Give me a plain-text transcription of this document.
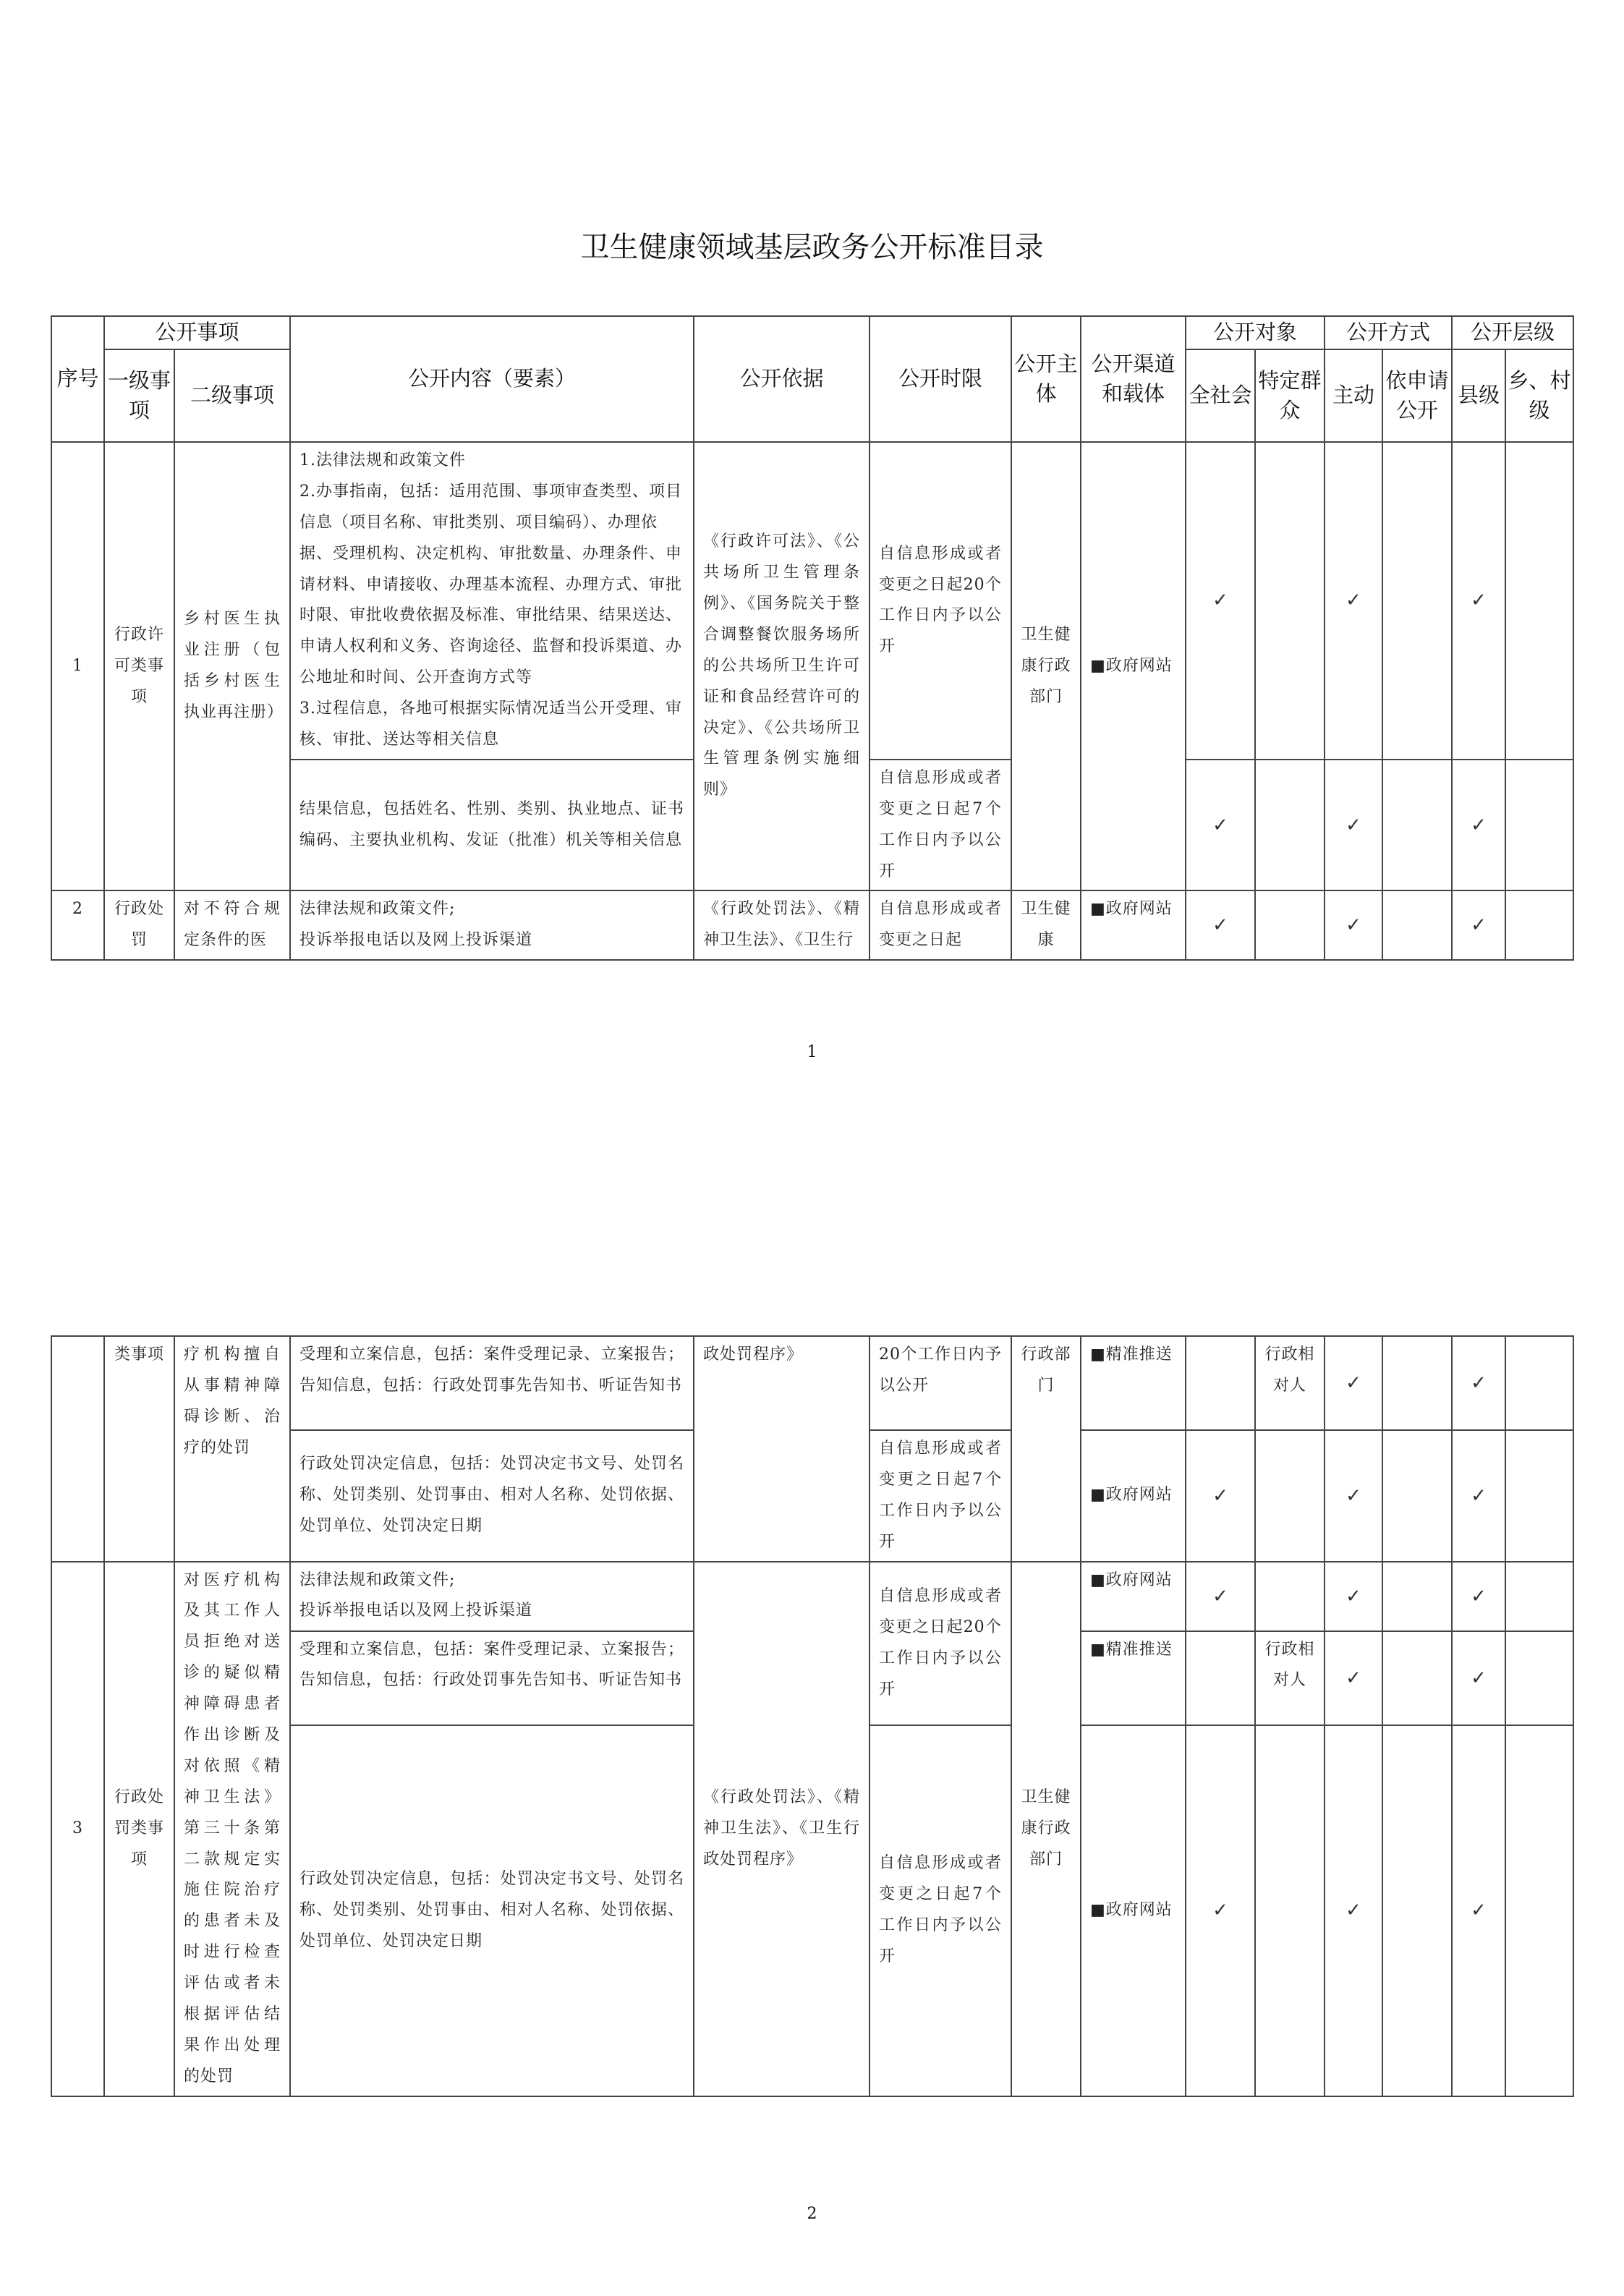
卫生健康领域基层政务公开标准目录
序号	公开事项		公开内容（要素）	公开依据	公开时限	公开主体	公开渠道和载体	公开对象		公开方式		公开层级	
	一级事项	二级事项						全社会	特定群众	主动	依申请公开	县级	乡、村级
1	行政许可类事项	乡村医生执业注册（包括乡村医生执业再注册）	1.法律法规和政策文件
2.办事指南，包括：适用范围、事项审查类型、项目信息（项目名称、审批类别、项目编码）、办理依据、受理机构、决定机构、审批数量、办理条件、申请材料、申请接收、办理基本流程、办理方式、审批时限、审批收费依据及标准、审批结果、结果送达、申请人权利和义务、咨询途径、监督和投诉渠道、办公地址和时间、公开查询方式等
3.过程信息，各地可根据实际情况适当公开受理、审核、审批、送达等相关信息	《行政许可法》、《公共场所卫生管理条例》、《国务院关于整合调整餐饮服务场所的公共场所卫生许可证和食品经营许可的决定》、《公共场所卫生管理条例实施细则》	自信息形成或者变更之日起20个工作日内予以公开	卫生健康行政部门	■政府网站	✓		✓		✓	
			结果信息，包括姓名、性别、类别、执业地点、证书编码、主要执业机构、发证（批准）机关等相关信息		自信息形成或者变更之日起7个工作日内予以公开			✓		✓		✓	
2	行政处罚	对不符合规定条件的医	法律法规和政策文件;
投诉举报电话以及网上投诉渠道	《行政处罚法》、《精神卫生法》、《卫生行	自信息形成或者变更之日起	卫生健康	■政府网站	✓		✓		✓	
1
	类事项	疗机构擅自从事精神障碍诊断、治疗的处罚	受理和立案信息，包括：案件受理记录、立案报告；告知信息，包括：行政处罚事先告知书、听证告知书	政处罚程序》	20个工作日内予以公开	行政部门	■精准推送		行政相对人	✓		✓	
			行政处罚决定信息，包括：处罚决定书文号、处罚名称、处罚类别、处罚事由、相对人名称、处罚依据、处罚单位、处罚决定日期		自信息形成或者变更之日起7个工作日内予以公开		■政府网站	✓		✓		✓	
3	行政处罚类事项	对医疗机构及其工作人员拒绝对送诊的疑似精神障碍患者作出诊断及对依照《精神卫生法》第三十条第二款规定实施住院治疗的患者未及时进行检查评估或者未根据评估结果作出处理的处罚	法律法规和政策文件;
投诉举报电话以及网上投诉渠道	《行政处罚法》、《精神卫生法》、《卫生行政处罚程序》	自信息形成或者变更之日起20个工作日内予以公开	卫生健康行政部门	■政府网站	✓		✓		✓	
			受理和立案信息，包括：案件受理记录、立案报告；告知信息，包括：行政处罚事先告知书、听证告知书				■精准推送		行政相对人	✓		✓	
			行政处罚决定信息，包括：处罚决定书文号、处罚名称、处罚类别、处罚事由、相对人名称、处罚依据、处罚单位、处罚决定日期		自信息形成或者变更之日起7个工作日内予以公开		■政府网站	✓		✓		✓	
2
